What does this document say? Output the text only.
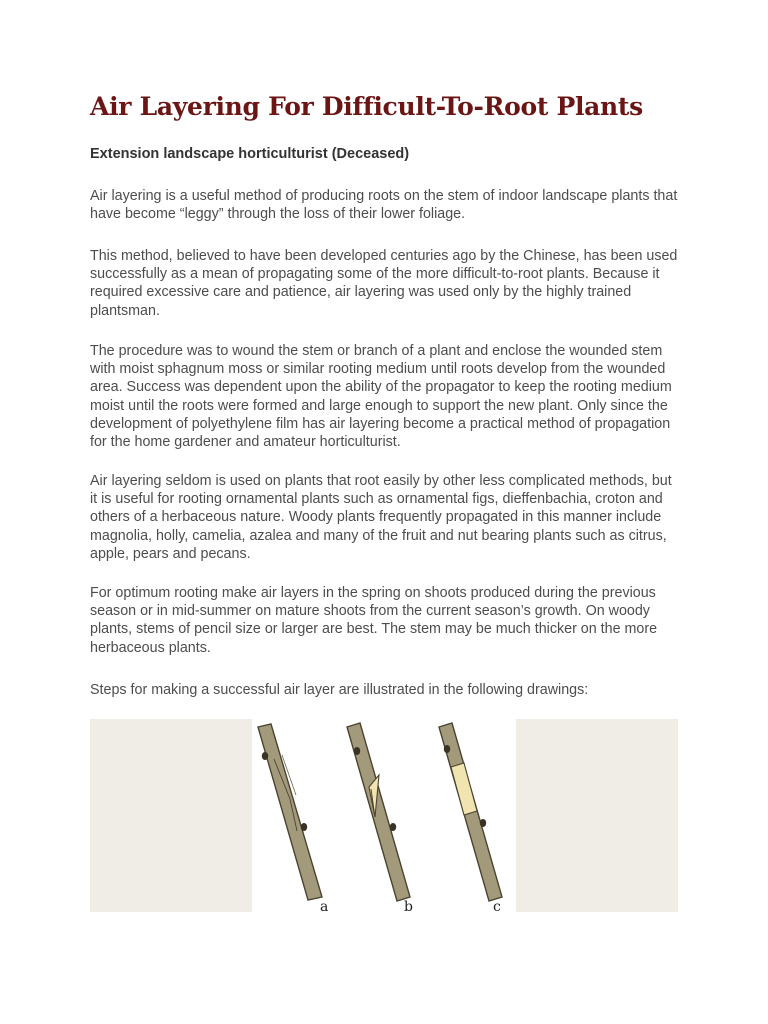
Air Layering For Difficult-To-Root Plants

Extension landscape horticulturist (Deceased)

Air layering is a useful method of producing roots on the stem of indoor landscape plants that have become “leggy” through the loss of their lower foliage.

This method, believed to have been developed centuries ago by the Chinese, has been used successfully as a mean of propagating some of the more difficult-to-root plants. Because it required excessive care and patience, air layering was used only by the highly trained plantsman.

The procedure was to wound the stem or branch of a plant and enclose the wounded stem with moist sphagnum moss or similar rooting medium until roots develop from the wounded area. Success was dependent upon the ability of the propagator to keep the rooting medium moist until the roots were formed and large enough to support the new plant. Only since the development of polyethylene film has air layering become a practical method of propagation for the home gardener and amateur horticulturist.

Air layering seldom is used on plants that root easily by other less complicated methods, but it is useful for rooting ornamental plants such as ornamental figs, dieffenbachia, croton and others of a herbaceous nature. Woody plants frequently propagated in this manner include magnolia, holly, camelia, azalea and many of the fruit and nut bearing plants such as citrus, apple, pears and pecans.

For optimum rooting make air layers in the spring on shoots produced during the previous season or in mid-summer on mature shoots from the current season’s growth. On woody plants, stems of pencil size or larger are best. The stem may be much thicker on the more herbaceous plants.

Steps for making a successful air layer are illustrated in the following drawings:

a	b	c
